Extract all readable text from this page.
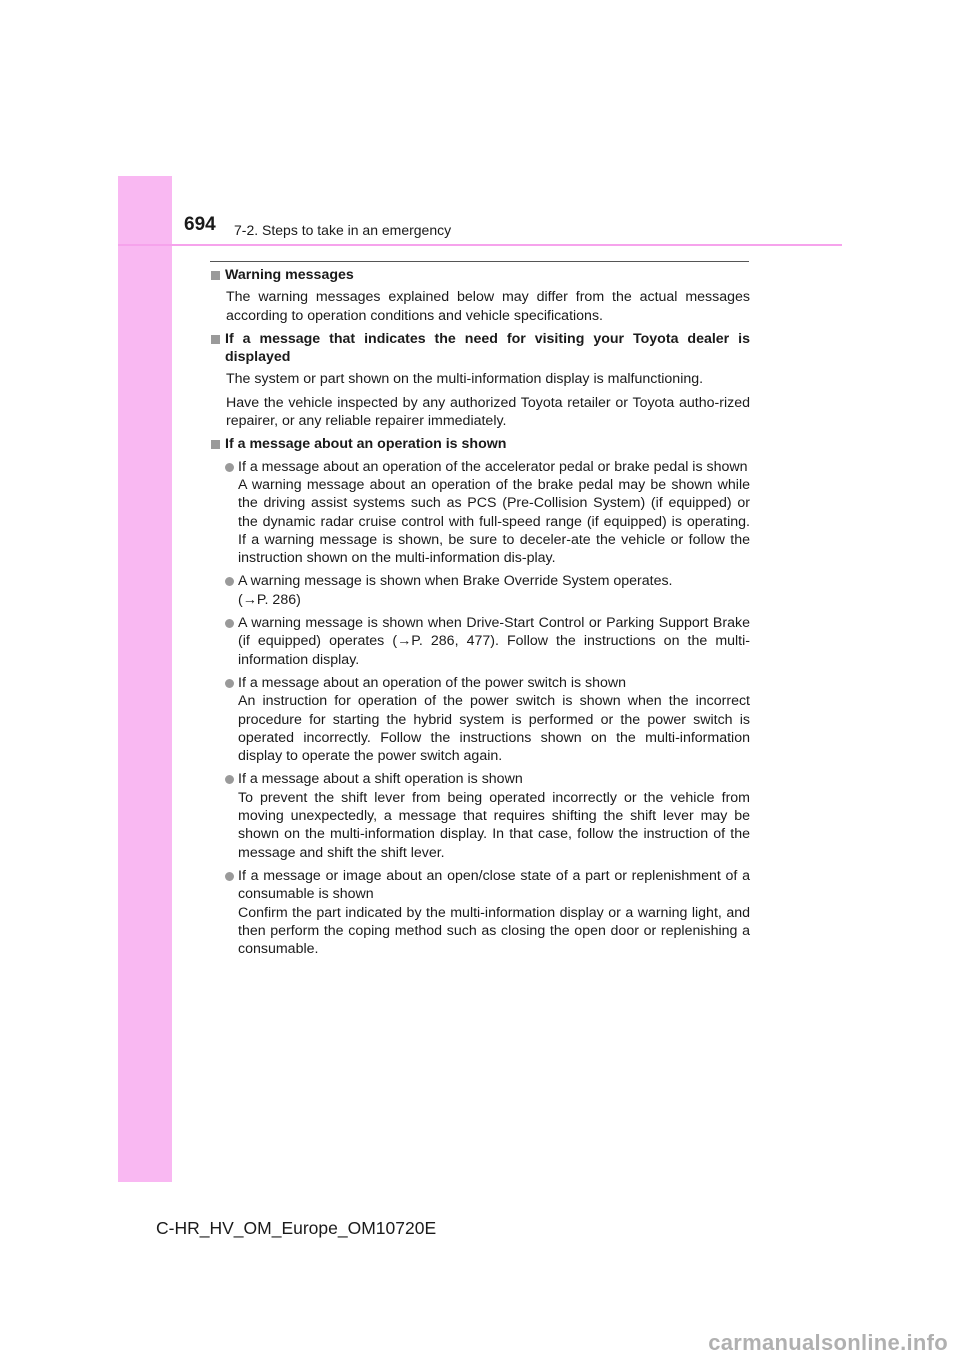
694 7-2. Steps to take in an emergency
Warning messages

The warning messages explained below may differ from the actual messages according to operation conditions and vehicle specifications.

If a message that indicates the need for visiting your Toyota dealer is displayed

The system or part shown on the multi-information display is malfunctioning.

Have the vehicle inspected by any authorized Toyota retailer or Toyota autho-rized repairer, or any reliable repairer immediately.

If a message about an operation is shown

If a message about an operation of the accelerator pedal or brake pedal is shown

A warning message about an operation of the brake pedal may be shown while the driving assist systems such as PCS (Pre-Collision System) (if equipped) or the dynamic radar cruise control with full-speed range (if equipped) is operating. If a warning message is shown, be sure to deceler-ate the vehicle or follow the instruction shown on the multi-information dis-play.

A warning message is shown when Brake Override System operates.

(→P. 286)

A warning message is shown when Drive-Start Control or Parking Support Brake (if equipped) operates (→P. 286, 477). Follow the instructions on the multi-information display.

If a message about an operation of the power switch is shown

An instruction for operation of the power switch is shown when the incorrect procedure for starting the hybrid system is performed or the power switch is operated incorrectly. Follow the instructions shown on the multi-information display to operate the power switch again.

If a message about a shift operation is shown

To prevent the shift lever from being operated incorrectly or the vehicle from moving unexpectedly, a message that requires shifting the shift lever may be shown on the multi-information display. In that case, follow the instruction of the message and shift the shift lever.

If a message or image about an open/close state of a part or replenishment of a consumable is shown

Confirm the part indicated by the multi-information display or a warning light, and then perform the coping method such as closing the open door or replenishing a consumable.

C-HR_HV_OM_Europe_OM10720E
carmanualsonline.info
